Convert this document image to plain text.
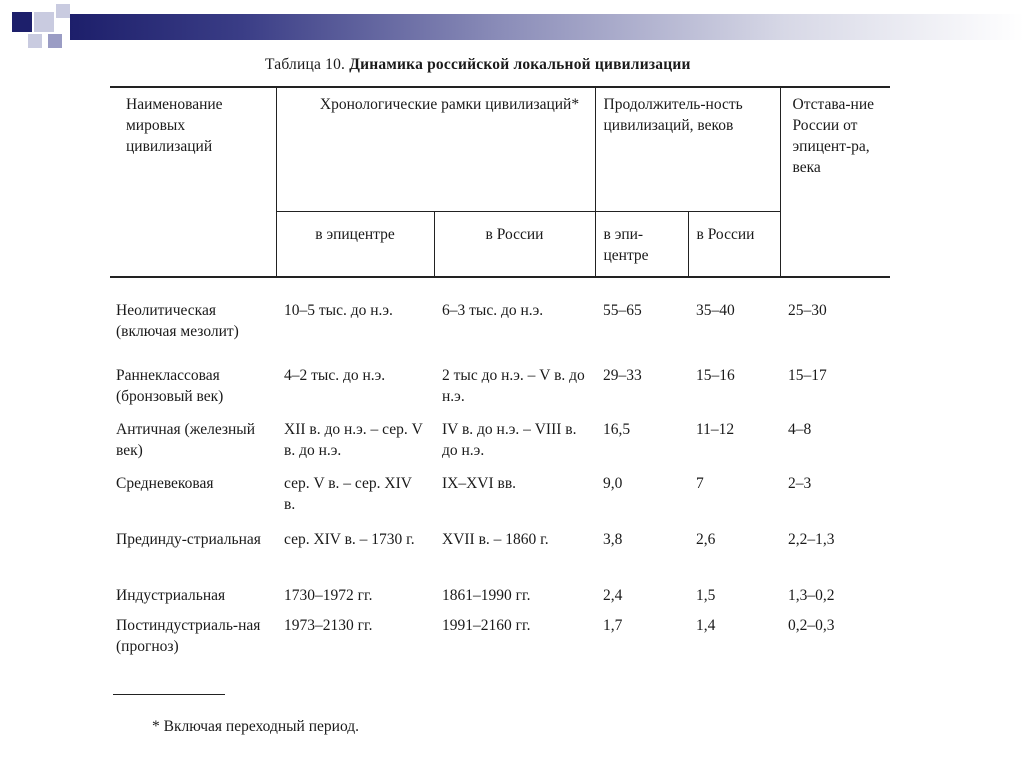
Таблица 10. Динамика российской локальной цивилизации
Наименование мировых цивилизаций	Хронологические рамки цивилизаций*		Продолжитель-ность цивилизаций, веков		Отстава-ние России от эпицент-ра, века
	в эпицентре	в России	в эпи-центре	в России	
Неолитическая (включая мезолит)	10–5 тыс. до н.э.	6–3 тыс. до н.э.	55–65	35–40	25–30
Раннеклассовая (бронзовый век)	4–2 тыс. до н.э.	2 тыс до н.э. – V в. до н.э.	29–33	15–16	15–17
Античная (железный век)	XII в. до н.э. – сер. V в. до н.э.	IV в. до н.э. – VIII в. до н.э.	16,5	11–12	4–8
Средневековая	сер. V в. – сер. XIV в.	IX–XVI вв.	9,0	7	2–3
Прединду-стриальная	сер. XIV в. – 1730 г.	XVII в. – 1860 г.	3,8	2,6	2,2–1,3
Индустриальная	1730–1972 гг.	1861–1990 гг.	2,4	1,5	1,3–0,2
Постиндустриаль-ная (прогноз)	1973–2130 гг.	1991–2160 гг.	1,7	1,4	0,2–0,3
* Включая переходный период.
